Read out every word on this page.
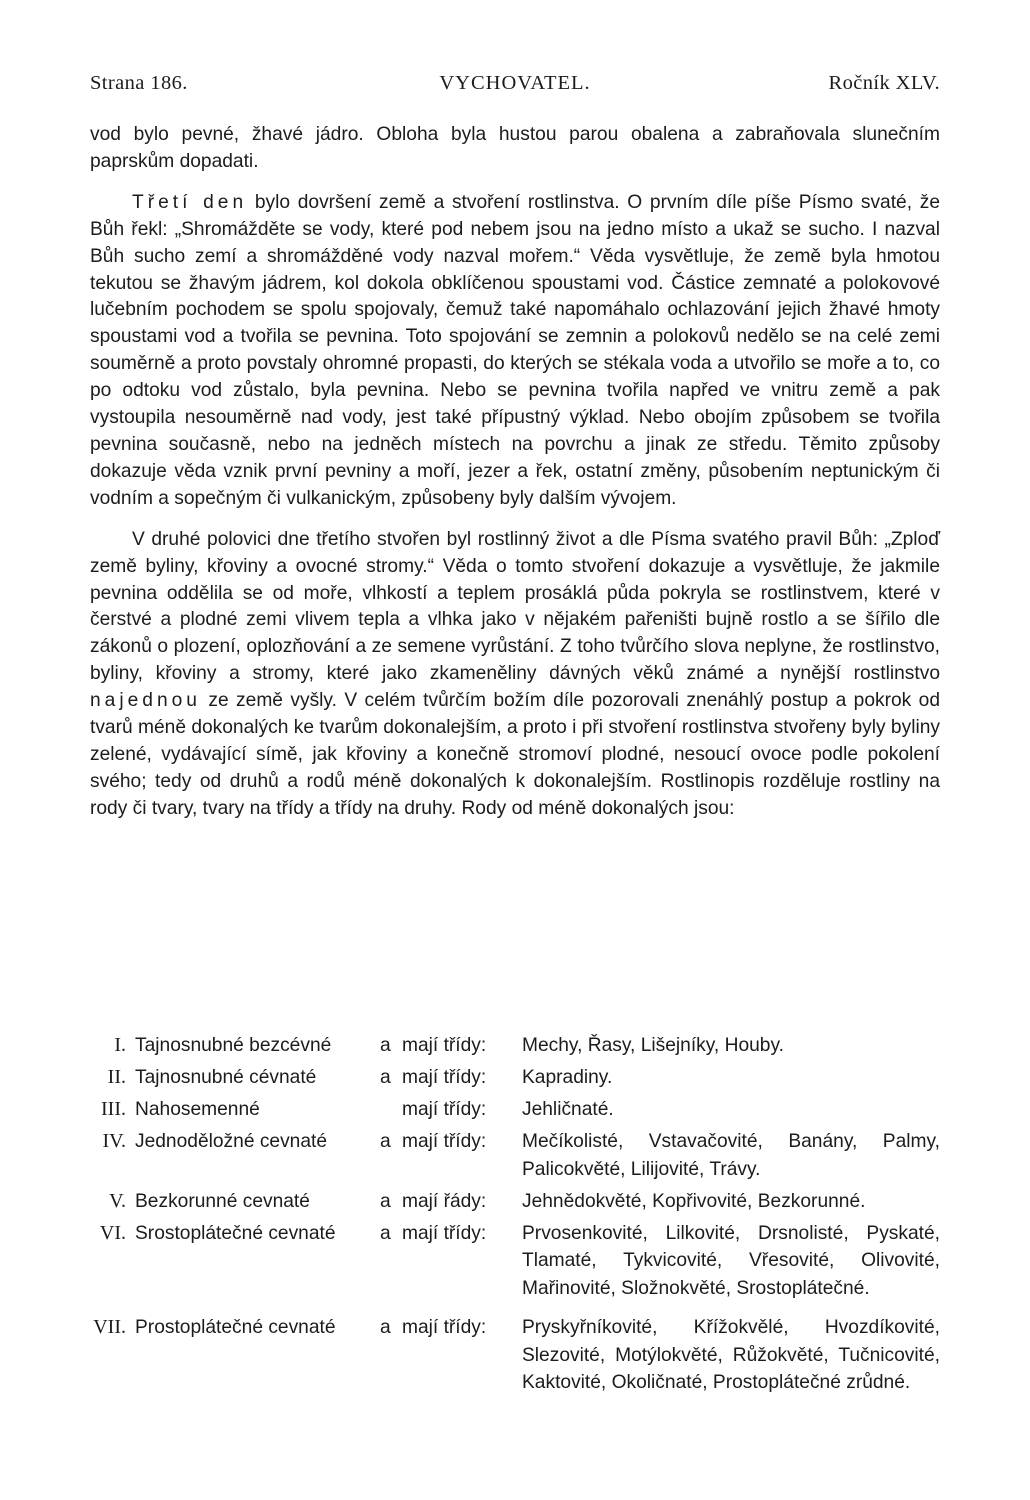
Strana 186.	VYCHOVATEL.	Ročník XLV.

vod bylo pevné, žhavé jádro. Obloha byla hustou parou obalena a zabraňovala slunečním paprskům dopadati.

Třetí den bylo dovršení země a stvoření rostlinstva. O prvním díle píše Písmo svaté, že Bůh řekl: „Shromážděte se vody, které pod nebem jsou na jedno místo a ukaž se sucho. I nazval Bůh sucho zemí a shromážděné vody nazval mořem.“ Věda vysvětluje, že země byla hmotou tekutou se žhavým jádrem, kol dokola obklíčenou spoustami vod. Částice zemnaté a polokovové lučebním pochodem se spolu spojovaly, čemuž také napomáhalo ochlazování jejich žhavé hmoty spoustami vod a tvořila se pevnina. Toto spojování se zemnin a polokovů nedělo se na celé zemi souměrně a proto povstaly ohromné propasti, do kterých se stékala voda a utvořilo se moře a to, co po odtoku vod zůstalo, byla pevnina. Nebo se pevnina tvořila napřed ve vnitru země a pak vystoupila nesouměrně nad vody, jest také přípustný výklad. Nebo obojím způsobem se tvořila pevnina současně, nebo na jedněch místech na povrchu a jinak ze středu. Těmito způsoby dokazuje věda vznik první pevniny a moří, jezer a řek, ostatní změny, působením neptunickým či vodním a sopečným či vulkanickým, způsobeny byly dalším vývojem.

V druhé polovici dne třetího stvořen byl rostlinný život a dle Písma svatého pravil Bůh: „Zploď země byliny, křoviny a ovocné stromy.“ Věda o tomto stvoření dokazuje a vysvětluje, že jakmile pevnina oddělila se od moře, vlhkostí a teplem prosáklá půda pokryla se rostlinstvem, které v čerstvé a plodné zemi vlivem tepla a vlhka jako v nějakém pařeništi bujně rostlo a se šířilo dle zákonů o plození, oplozňování a ze semene vyrůstání. Z toho tvůrčího slova neplyne, že rostlinstvo, byliny, křoviny a stromy, které jako zkameněliny dávných věků známé a nynější rostlinstvo najednou ze země vyšly. V celém tvůrčím božím díle pozorovali znenáhlý postup a pokrok od tvarů méně dokonalých ke tvarům dokonalejším, a proto i při stvoření rostlinstva stvořeny byly byliny zelené, vydávající símě, jak křoviny a konečně stromoví plodné, nesoucí ovoce podle pokolení svého; tedy od druhů a rodů méně dokonalých k dokonalejším. Rostlinopis rozděluje rostliny na rody či tvary, tvary na třídy a třídy na druhy. Rody od méně dokonalých jsou:

I. Tajnosnubné bezcévné	a mají třídy:	Mechy, Řasy, Lišejníky, Houby.
II. Tajnosnubné cévnaté	a mají třídy:	Kapradiny.
III. Nahosemenné	mají třídy:	Jehličnaté.
IV. Jednoděložné cevnaté	a mají třídy:	Mečíkolisté, Vstavačovité, Banány, Palmy, Palicokvěté, Lilijovité, Trávy.
V. Bezkorunné cevnaté	a mají řády:	Jehnědokvěté, Kopřivovité, Bezkorunné.
VI. Srostoplátečné cevnaté	a mají třídy:	Prvosenkovité, Lilkovité, Drsnolisté, Pyskaté, Tlamaté, Tykvicovité, Vřesovité, Olivovité, Mařinovité, Složnokvěté, Srostoplátečné.
VII. Prostoplátečné cevnaté	a mají třídy:	Pryskyřníkovité, Křížokvělé, Hvozdíkovité, Slezovité, Motýlokvěté, Růžokvěté, Tučnicovité, Kaktovité, Okoličnaté, Prostoplátečné zrůdné.
